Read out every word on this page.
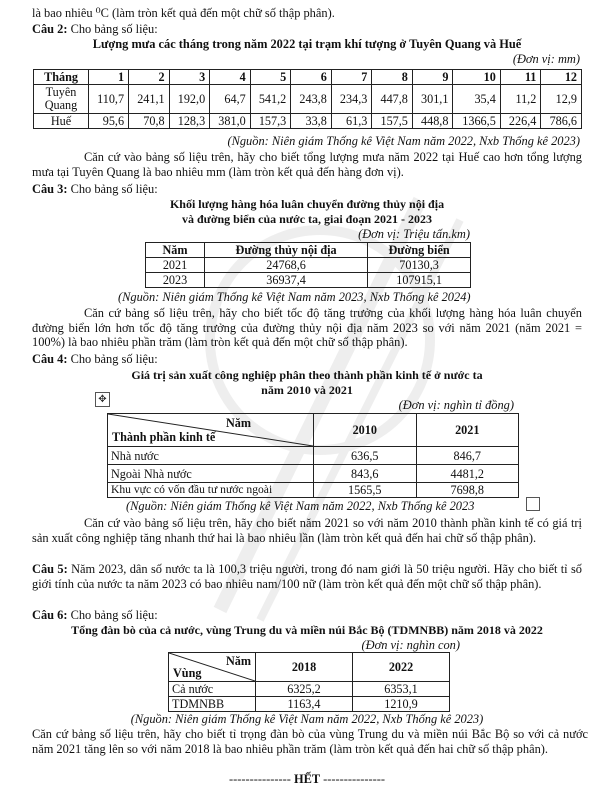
là bao nhiêu ⁰C (làm tròn kết quả đến một chữ số thập phân).

Câu 2: Cho bảng số liệu:

Lượng mưa các tháng trong năm 2022 tại trạm khí tượng ở Tuyên Quang và Huế

(Đơn vị: mm)

Tháng	1	2	3	4	5	6	7	8	9	10	11	12
Tuyên Quang	110,7	241,1	192,0	64,7	541,2	243,8	234,3	447,8	301,1	35,4	11,2	12,9
Huế	95,6	70,8	128,3	381,0	157,3	33,8	61,3	157,5	448,8	1366,5	226,4	786,6

(Nguồn: Niên giám Thống kê Việt Nam năm 2022, Nxb Thống kê 2023)

Căn cứ vào bảng số liệu trên, hãy cho biết tổng lượng mưa năm 2022 tại Huế cao hơn tổng lượng mưa tại Tuyên Quang là bao nhiêu mm (làm tròn kết quả đến hàng đơn vị).

Câu 3: Cho bảng số liệu:

Khối lượng hàng hóa luân chuyển đường thủy nội địa

và đường biển của nước ta, giai đoạn 2021 - 2023

(Đơn vị: Triệu tấn.km)

Năm	Đường thủy nội địa	Đường biển
2021	24768,6	70130,3
2023	36937,4	107915,1

(Nguồn: Niên giám Thống kê Việt Nam năm 2023, Nxb Thống kê 2024)

Căn cứ bảng số liệu trên, hãy cho biết tốc độ tăng trưởng của khối lượng hàng hóa luân chuyển đường biển lớn hơn tốc độ tăng trưởng của đường thủy nội địa năm 2023 so với năm 2021 (năm 2021 = 100%) là bao nhiêu phần trăm (làm tròn kết quả đến một chữ số thập phân).

Câu 4: Cho bảng số liệu:

Giá trị sản xuất công nghiệp phân theo thành phần kinh tế ở nước ta

năm 2010 và 2021

✥	(Đơn vị: nghìn tỉ đồng)

Năm
Thành phần kinh tế	2010	2021
Nhà nước	636,5	846,7
Ngoài Nhà nước	843,6	4481,2
Khu vực có vốn đầu tư nước ngoài	1565,5	7698,8

(Nguồn: Niên giám Thống kê Việt Nam năm 2022, Nxb Thống kê 2023

Căn cứ vào bảng số liệu trên, hãy cho biết năm 2021 so với năm 2010 thành phần kinh tế có giá trị sản xuất công nghiệp tăng nhanh thứ hai là bao nhiêu lần (làm tròn kết quả đến hai chữ số thập phân).

Câu 5: Năm 2023, dân số nước ta là 100,3 triệu người, trong đó nam giới là 50 triệu người. Hãy cho biết tỉ số giới tính của nước ta năm 2023 có bao nhiêu nam/100 nữ (làm tròn kết quả đến một chữ số thập phân).

Câu 6: Cho bảng số liệu:

Tổng đàn bò của cả nước, vùng Trung du và miền núi Bắc Bộ (TDMNBB) năm 2018 và 2022

(Đơn vị: nghìn con)

Năm
Vùng	2018	2022
Cả nước	6325,2	6353,1
TDMNBB	1163,4	1210,9

(Nguồn: Niên giám Thống kê Việt Nam năm 2022, Nxb Thống kê 2023)

Căn cứ bảng số liệu trên, hãy cho biết tỉ trọng đàn bò của vùng Trung du và miền núi Bắc Bộ so với cả nước năm 2021 tăng lên so với năm 2018 là bao nhiêu phần trăm (làm tròn kết quả đến hai chữ số thập phân).

--------------- HẾT ---------------
